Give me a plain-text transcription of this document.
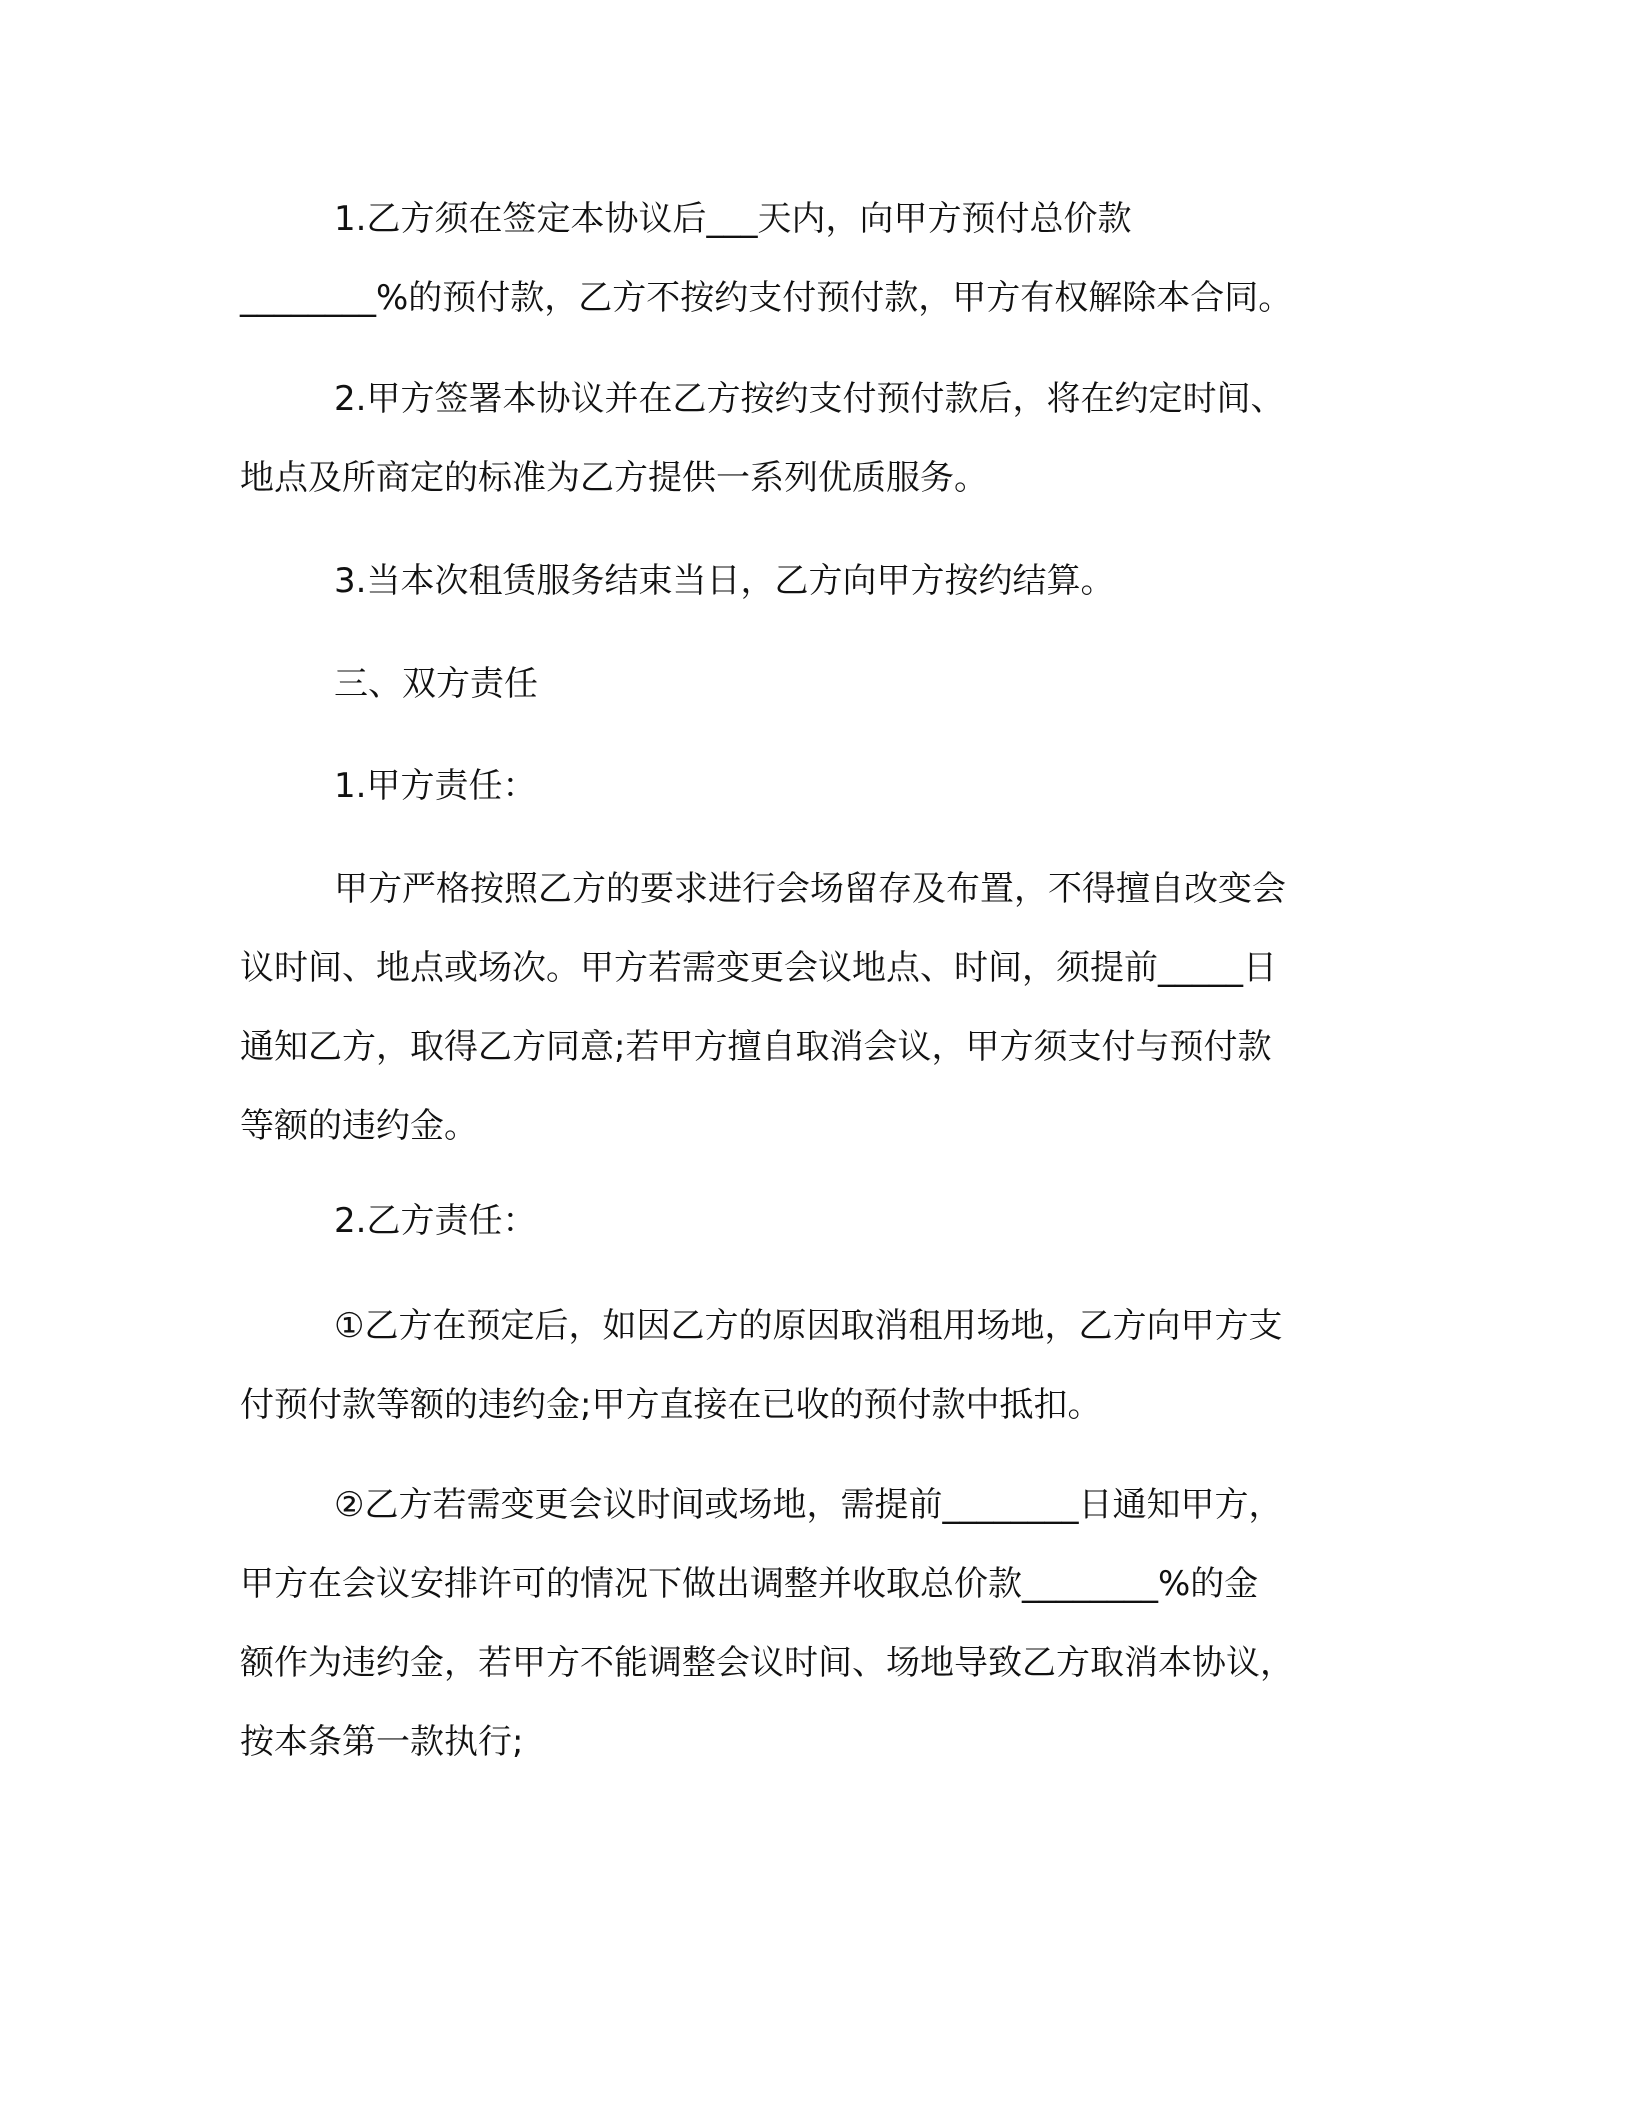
1.乙方须在签定本协议后___天内，向甲方预付总价款
________%的预付款，乙方不按约支付预付款，甲方有权解除本合同。
2.甲方签署本协议并在乙方按约支付预付款后，将在约定时间、
地点及所商定的标准为乙方提供一系列优质服务。
3.当本次租赁服务结束当日，乙方向甲方按约结算。
三、双方责任
1.甲方责任：
甲方严格按照乙方的要求进行会场留存及布置，不得擅自改变会
议时间、地点或场次。甲方若需变更会议地点、时间，须提前_____日
通知乙方，取得乙方同意;若甲方擅自取消会议，甲方须支付与预付款
等额的违约金。
2.乙方责任：
①乙方在预定后，如因乙方的原因取消租用场地，乙方向甲方支
付预付款等额的违约金;甲方直接在已收的预付款中抵扣。
②乙方若需变更会议时间或场地，需提前________日通知甲方，
甲方在会议安排许可的情况下做出调整并收取总价款________%的金
额作为违约金，若甲方不能调整会议时间、场地导致乙方取消本协议，
按本条第一款执行;
